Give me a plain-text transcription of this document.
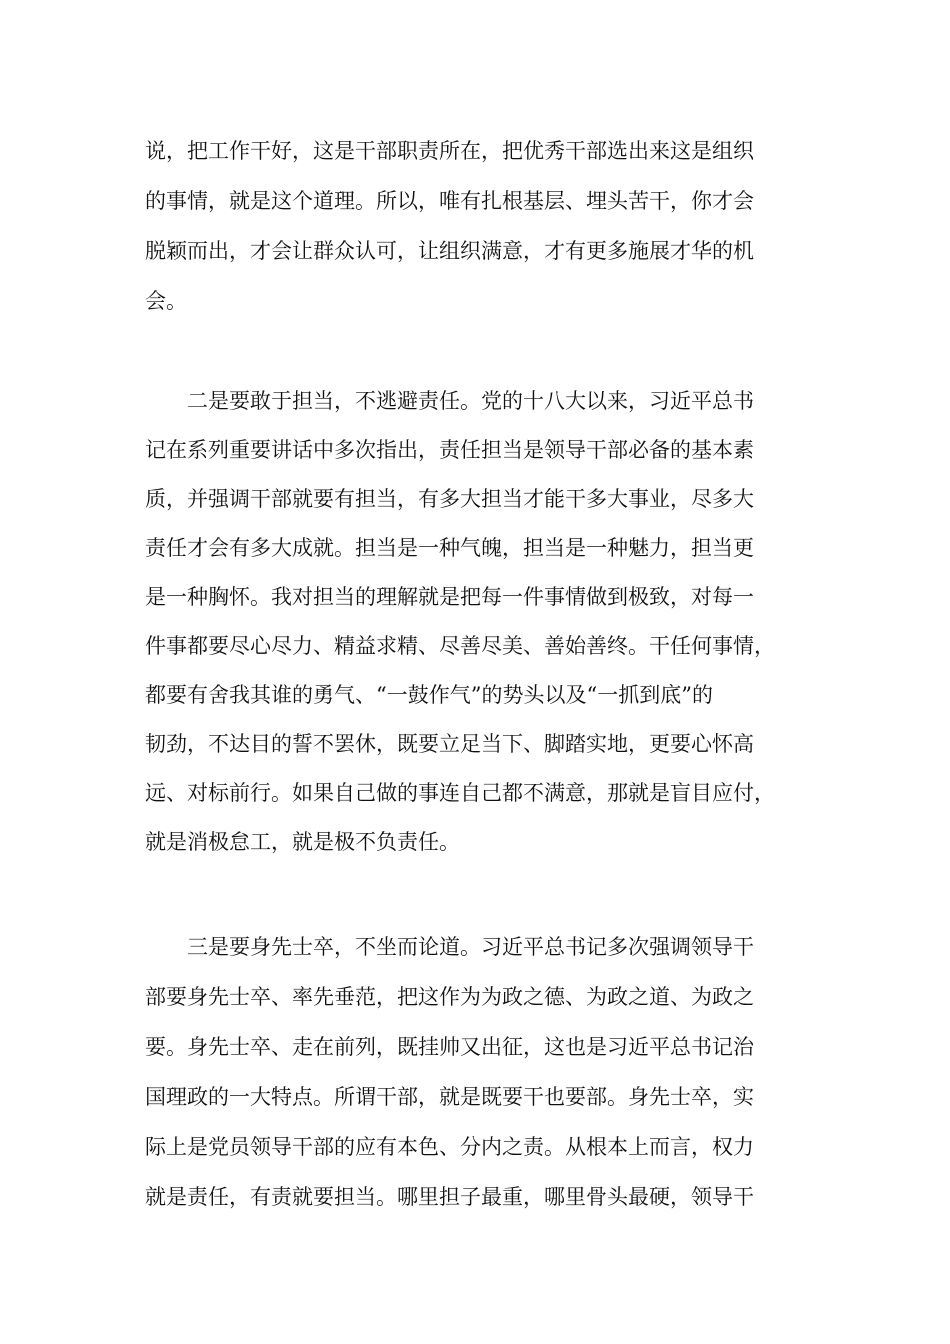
说，把工作干好，这是干部职责所在，把优秀干部选出来这是组织
的事情，就是这个道理。所以，唯有扎根基层、埋头苦干，你才会
脱颖而出，才会让群众认可，让组织满意，才有更多施展才华的机
会。
二是要敢于担当，不逃避责任。党的十八大以来，习近平总书
记在系列重要讲话中多次指出，责任担当是领导干部必备的基本素
质，并强调干部就要有担当，有多大担当才能干多大事业，尽多大
责任才会有多大成就。担当是一种气魄，担当是一种魅力，担当更
是一种胸怀。我对担当的理解就是把每一件事情做到极致，对每一
件事都要尽心尽力、精益求精、尽善尽美、善始善终。干任何事情，
都要有舍我其谁的勇气、“一鼓作气”的势头以及“一抓到底”的
韧劲，不达目的誓不罢休，既要立足当下、脚踏实地，更要心怀高
远、对标前行。如果自己做的事连自己都不满意，那就是盲目应付，
就是消极怠工，就是极不负责任。
三是要身先士卒，不坐而论道。习近平总书记多次强调领导干
部要身先士卒、率先垂范，把这作为为政之德、为政之道、为政之
要。身先士卒、走在前列，既挂帅又出征，这也是习近平总书记治
国理政的一大特点。所谓干部，就是既要干也要部。身先士卒，实
际上是党员领导干部的应有本色、分内之责。从根本上而言，权力
就是责任，有责就要担当。哪里担子最重，哪里骨头最硬，领导干
